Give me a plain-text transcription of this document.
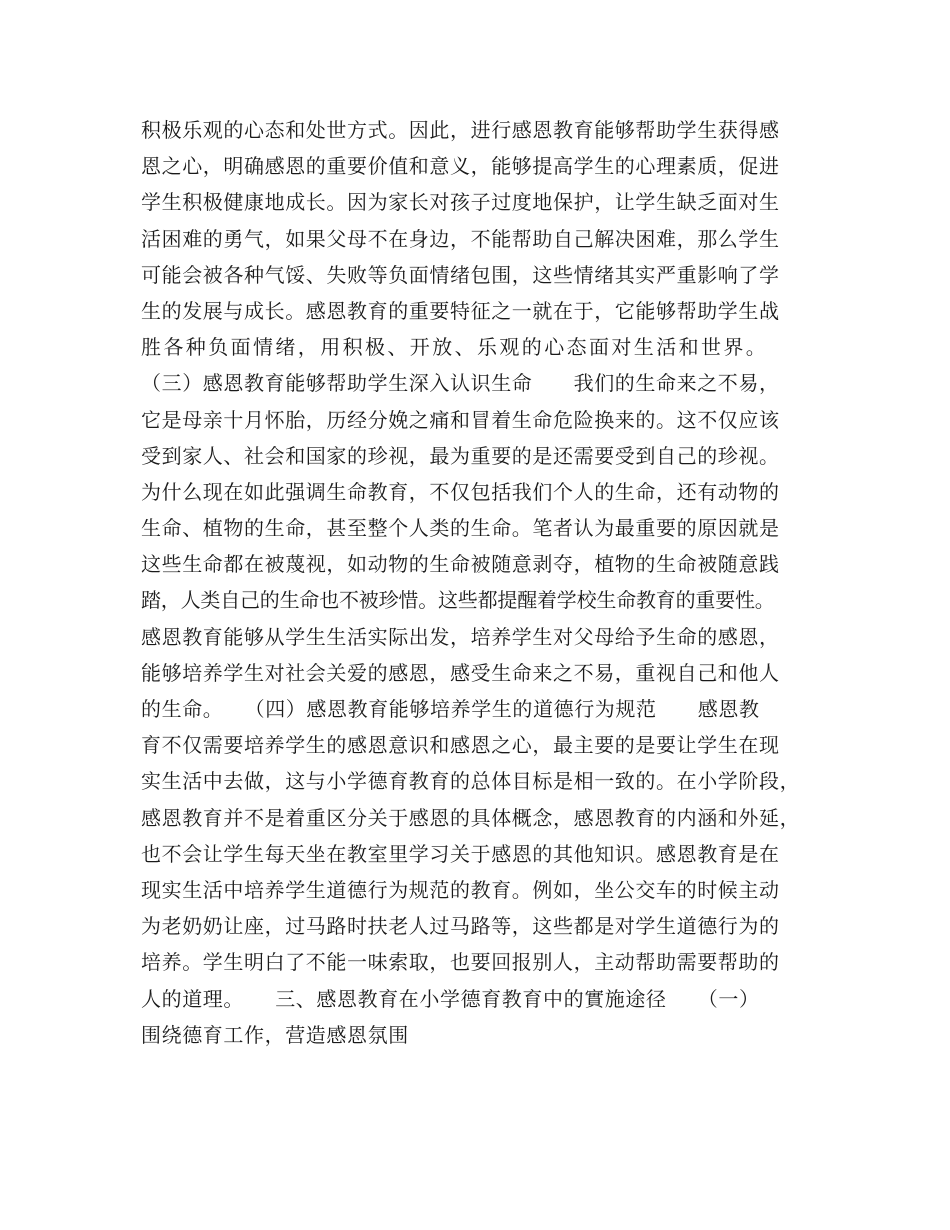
积极乐观的心态和处世方式。因此，进行感恩教育能够帮助学生获得感
恩之心，明确感恩的重要价值和意义，能够提高学生的心理素质，促进
学生积极健康地成长。因为家长对孩子过度地保护，让学生缺乏面对生
活困难的勇气，如果父母不在身边，不能帮助自己解决困难，那么学生
可能会被各种气馁、失败等负面情绪包围，这些情绪其实严重影响了学
生的发展与成长。感恩教育的重要特征之一就在于，它能够帮助学生战
胜各种负面情绪，用积极、开放、乐观的心态面对生活和世界。
（三）感恩教育能够帮助学生深入认识生命　　我们的生命来之不易，
它是母亲十月怀胎，历经分娩之痛和冒着生命危险换来的。这不仅应该
受到家人、社会和国家的珍视，最为重要的是还需要受到自己的珍视。
为什么现在如此强调生命教育，不仅包括我们个人的生命，还有动物的
生命、植物的生命，甚至整个人类的生命。笔者认为最重要的原因就是
这些生命都在被蔑视，如动物的生命被随意剥夺，植物的生命被随意践
踏，人类自己的生命也不被珍惜。这些都提醒着学校生命教育的重要性。
感恩教育能够从学生生活实际出发，培养学生对父母给予生命的感恩，
能够培养学生对社会关爱的感恩，感受生命来之不易，重视自己和他人
的生命。　　（四）感恩教育能够培养学生的道德行为规范　　感恩教
育不仅需要培养学生的感恩意识和感恩之心，最主要的是要让学生在现
实生活中去做，这与小学德育教育的总体目标是相一致的。在小学阶段，
感恩教育并不是着重区分关于感恩的具体概念，感恩教育的内涵和外延，
也不会让学生每天坐在教室里学习关于感恩的其他知识。感恩教育是在
现实生活中培养学生道德行为规范的教育。例如，坐公交车的时候主动
为老奶奶让座，过马路时扶老人过马路等，这些都是对学生道德行为的
培养。学生明白了不能一味索取，也要回报别人，主动帮助需要帮助的
人的道理。　　三、感恩教育在小学德育教育中的實施途径　　（一）
围绕德育工作，营造感恩氛围
